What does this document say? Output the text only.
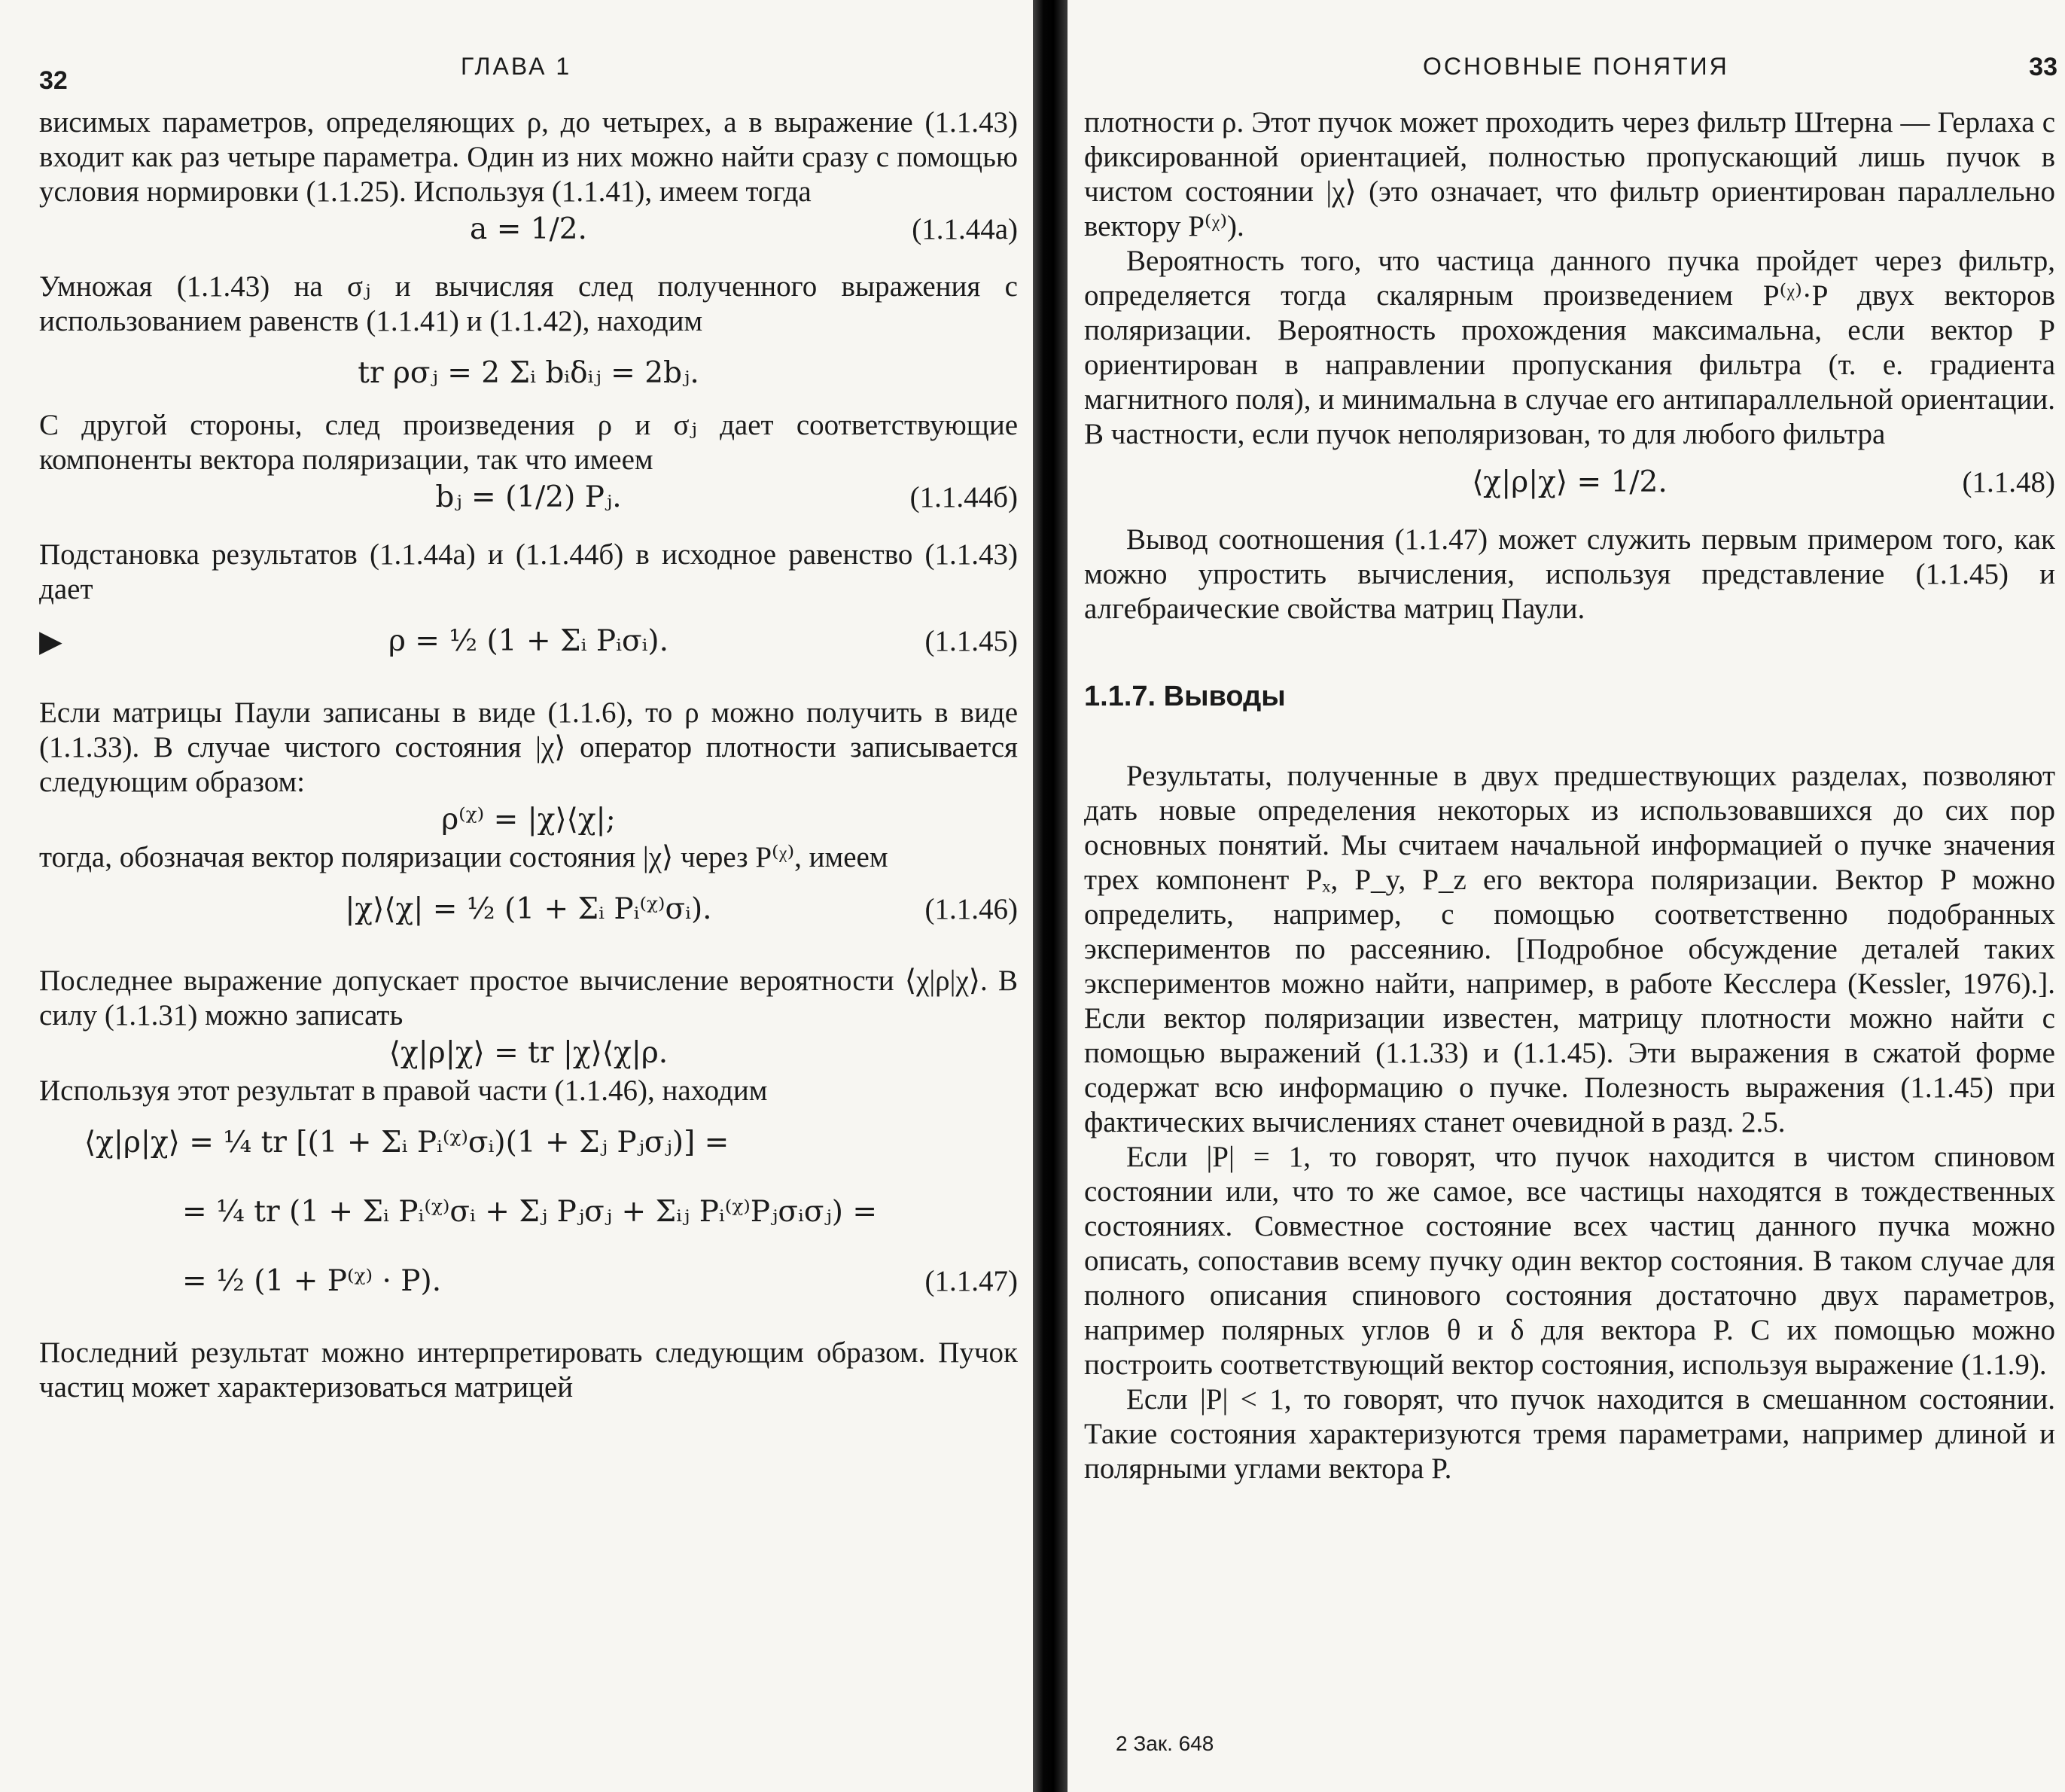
32	ГЛАВА 1

висимых параметров, определяющих ρ, до четырех, а в выражение (1.1.43) входит как раз четыре параметра. Один из них можно найти сразу с помощью условия нормировки (1.1.25). Используя (1.1.41), имеем тогда

a = 1/2.	(1.1.44а)

Умножая (1.1.43) на σⱼ и вычисляя след полученного выражения с использованием равенств (1.1.41) и (1.1.42), находим

tr ρσⱼ = 2 Σᵢ bᵢδᵢⱼ = 2bⱼ.

С другой стороны, след произведения ρ и σⱼ дает соответствующие компоненты вектора поляризации, так что имеем

bⱼ = (1/2) Pⱼ.	(1.1.44б)

Подстановка результатов (1.1.44а) и (1.1.44б) в исходное равенство (1.1.43) дает

▶	ρ = ½ (1 + Σᵢ Pᵢσᵢ).	(1.1.45)

Если матрицы Паули записаны в виде (1.1.6), то ρ можно получить в виде (1.1.33). В случае чистого состояния |χ⟩ оператор плотности записывается следующим образом:

ρ⁽ᵡ⁾ = |χ⟩⟨χ|;

тогда, обозначая вектор поляризации состояния |χ⟩ через P⁽ᵡ⁾, имеем

|χ⟩⟨χ| = ½ (1 + Σᵢ Pᵢ⁽ᵡ⁾σᵢ).	(1.1.46)

Последнее выражение допускает простое вычисление вероятности ⟨χ|ρ|χ⟩. В силу (1.1.31) можно записать

⟨χ|ρ|χ⟩ = tr |χ⟩⟨χ|ρ.

Используя этот результат в правой части (1.1.46), находим

⟨χ|ρ|χ⟩ = ¼ tr [(1 + Σᵢ Pᵢ⁽ᵡ⁾σᵢ)(1 + Σⱼ Pⱼσⱼ)] =
= ¼ tr (1 + Σᵢ Pᵢ⁽ᵡ⁾σᵢ + Σⱼ Pⱼσⱼ + Σᵢⱼ Pᵢ⁽ᵡ⁾Pⱼσᵢσⱼ) =
= ½ (1 + P⁽ᵡ⁾ · P).	(1.1.47)

Последний результат можно интерпретировать следующим образом. Пучок частиц может характеризоваться матрицей

ОСНОВНЫЕ ПОНЯТИЯ	33

плотности ρ. Этот пучок может проходить через фильтр Штерна — Герлаха с фиксированной ориентацией, полностью пропускающий лишь пучок в чистом состоянии |χ⟩ (это означает, что фильтр ориентирован параллельно вектору P⁽ᵡ⁾).

Вероятность того, что частица данного пучка пройдет через фильтр, определяется тогда скалярным произведением P⁽ᵡ⁾·P двух векторов поляризации. Вероятность прохождения максимальна, если вектор P ориентирован в направлении пропускания фильтра (т. е. градиента магнитного поля), и минимальна в случае его антипараллельной ориентации. В частности, если пучок неполяризован, то для любого фильтра

⟨χ|ρ|χ⟩ = 1/2.	(1.1.48)

Вывод соотношения (1.1.47) может служить первым примером того, как можно упростить вычисления, используя представление (1.1.45) и алгебраические свойства матриц Паули.

1.1.7. Выводы

Результаты, полученные в двух предшествующих разделах, позволяют дать новые определения некоторых из использовавшихся до сих пор основных понятий. Мы считаем начальной информацией о пучке значения трех компонент Pₓ, P_y, P_z его вектора поляризации. Вектор P можно определить, например, с помощью соответственно подобранных экспериментов по рассеянию. [Подробное обсуждение деталей таких экспериментов можно найти, например, в работе Кесслера (Kessler, 1976).]. Если вектор поляризации известен, матрицу плотности можно найти с помощью выражений (1.1.33) и (1.1.45). Эти выражения в сжатой форме содержат всю информацию о пучке. Полезность выражения (1.1.45) при фактических вычислениях станет очевидной в разд. 2.5.

Если |P| = 1, то говорят, что пучок находится в чистом спиновом состоянии или, что то же самое, все частицы находятся в тождественных состояниях. Совместное состояние всех частиц данного пучка можно описать, сопоставив всему пучку один вектор состояния. В таком случае для полного описания спинового состояния достаточно двух параметров, например полярных углов θ и δ для вектора P. С их помощью можно построить соответствующий вектор состояния, используя выражение (1.1.9).

Если |P| < 1, то говорят, что пучок находится в смешанном состоянии. Такие состояния характеризуются тремя параметрами, например длиной и полярными углами вектора P.

2 Зак. 648
